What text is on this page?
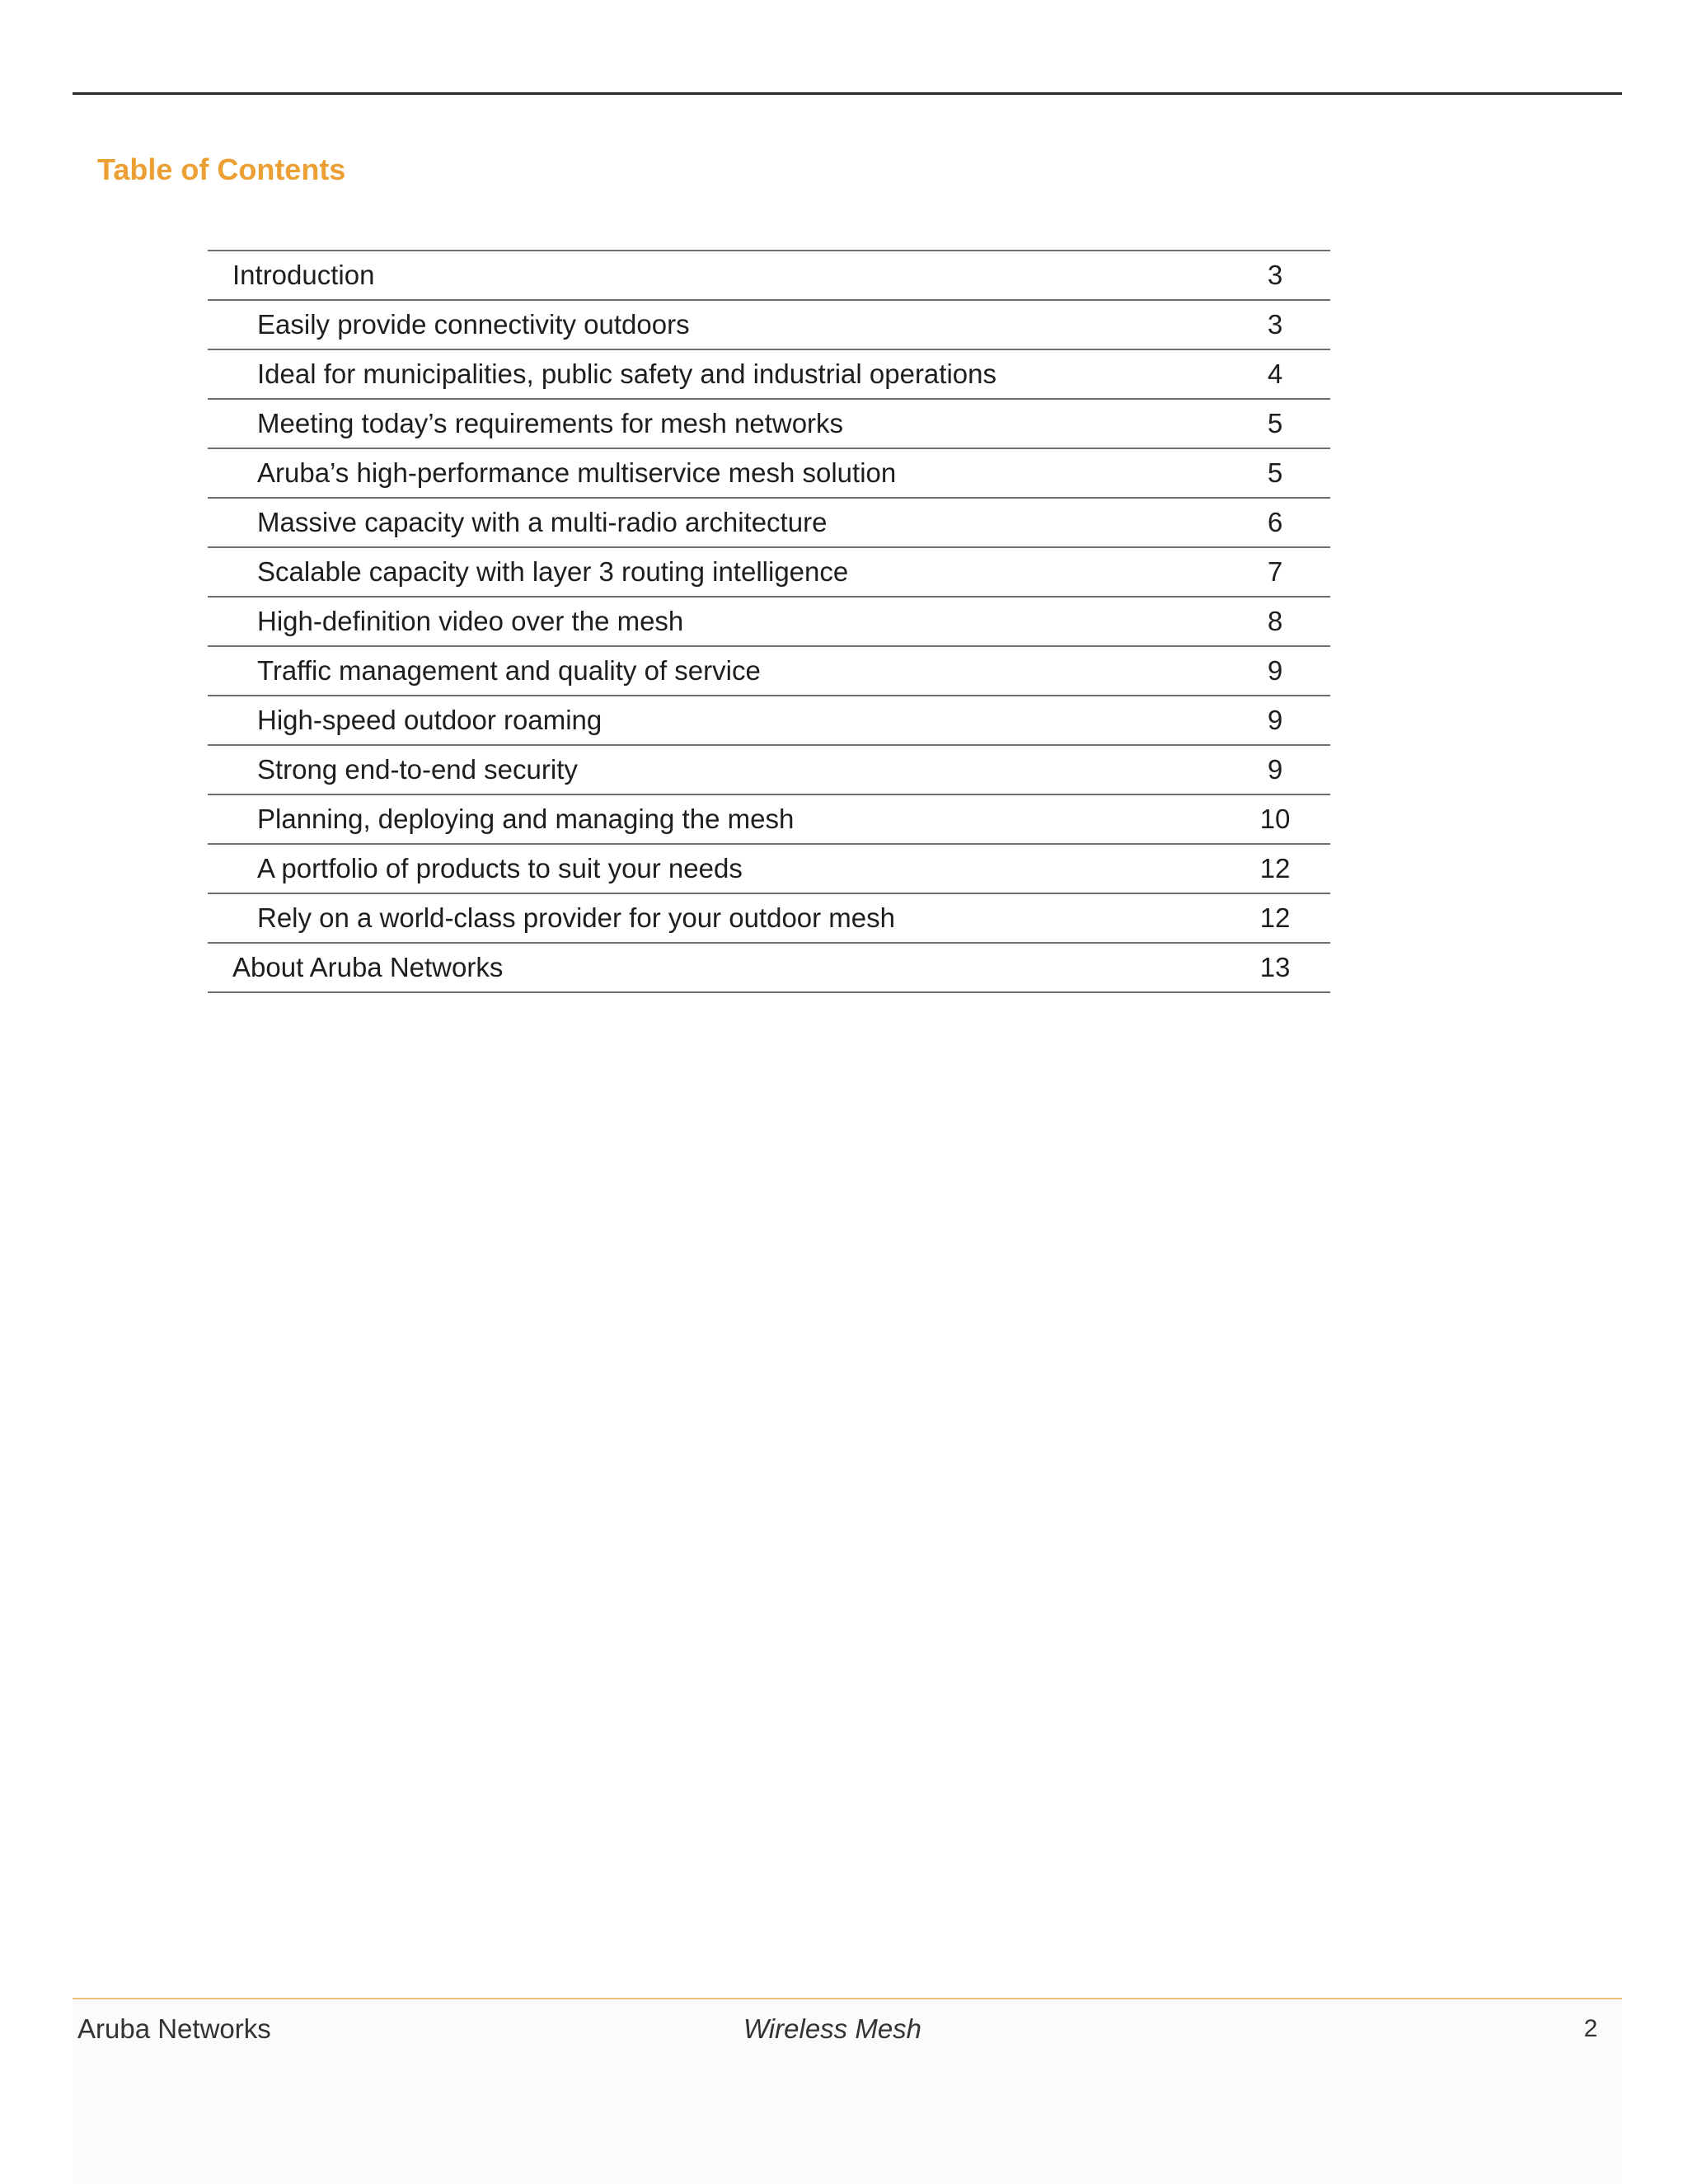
Table of Contents
Introduction	3
Easily provide connectivity outdoors	3
Ideal for municipalities, public safety and industrial operations	4
Meeting today’s requirements for mesh networks	5
Aruba’s high-performance multiservice mesh solution	5
Massive capacity with a multi-radio architecture	6
Scalable capacity with layer 3 routing intelligence	7
High-definition video over the mesh	8
Traffic management and quality of service	9
High-speed outdoor roaming	9
Strong end-to-end security	9
Planning, deploying and managing the mesh	10
A portfolio of products to suit your needs	12
Rely on a world-class provider for your outdoor mesh	12
About Aruba Networks	13
Aruba Networks	Wireless Mesh	2
